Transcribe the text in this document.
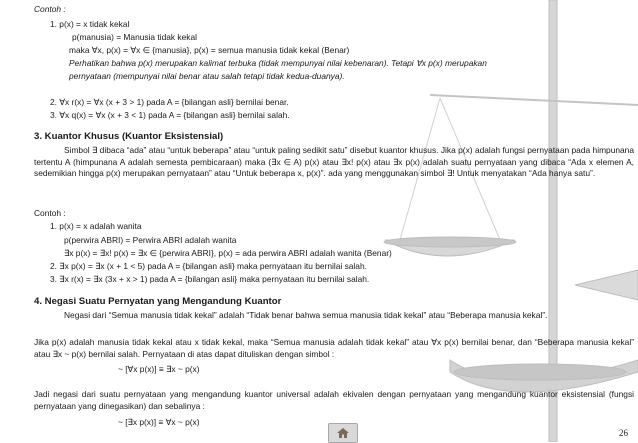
Contoh :
1. p(x) = x tidak kekal
p(manusia) = Manusia tidak kekal
maka ∀x, p(x) = ∀x ∈ {manusia}, p(x) = semua manusia tidak kekal (Benar)
Perhatikan bahwa p(x) merupakan kalimat terbuka (tidak mempunyai nilai kebenaran). Tetapi ∀x p(x) merupakan
pernyataan (mempunyai nilai benar atau salah tetapi tidak kedua-duanya).
2. ∀x r(x) = ∀x (x + 3 > 1) pada A = {bilangan asli} bernilai benar.
3. ∀x q(x) = ∀x (x + 3 < 1) pada A = {bilangan asli} bernilai salah.
3. Kuantor Khusus (Kuantor Eksistensial)
Simbol ∃ dibaca “ada” atau “untuk beberapa” atau “untuk paling sedikit satu” disebut kuantor khusus. Jika p(x) adalah fungsi pernyataan pada himpunana tertentu A (himpunana A adalah semesta pembicaraan) maka (∃x ∈ A) p(x) atau ∃x! p(x) atau ∃x p(x) adalah suatu pernyataan yang dibaca “Ada x elemen A, sedemikian hingga p(x) merupakan pernyataan” atau “Untuk beberapa x, p(x)”. ada yang menggunakan simbol ∃! Untuk menyatakan “Ada hanya satu”.
Contoh :
1. p(x) = x adalah wanita
p(perwira ABRI) = Perwira ABRI adalah wanita
∃x p(x) = ∃x! p(x) = ∃x ∈ {perwira ABRI}, p(x) = ada perwira ABRI adalah wanita (Benar)
2. ∃x p(x) = ∃x (x + 1 < 5) pada A = {bilangan asli} maka pernyataan itu bernilai salah.
3. ∃x r(x) = ∃x (3x + x > 1) pada A = {bilangan asli} maka pernyataan itu bernilai salah.
4. Negasi Suatu Pernyatan yang Mengandung Kuantor
Negasi dari “Semua manusia tidak kekal” adalah “Tidak benar bahwa semua manusia tidak kekal” atau “Beberapa manusia kekal”.
Jika p(x) adalah manusia tidak kekal atau x tidak kekal, maka “Semua manusia adalah tidak kekal” atau ∀x p(x) bernilai benar, dan “Beberapa manusia kekal” atau ∃x ~ p(x) bernilai salah. Pernyataan di atas dapat dituliskan dengan simbol :
~ [∀x p(x)] ≡ ∃x ~ p(x)
Jadi negasi dari suatu pernyataan yang mengandung kuantor universal adalah ekivalen dengan pernyataan yang mengandung kuantor eksistensial (fungsi pernyataan yang dinegasikan) dan sebalinya :
~ [∃x p(x)] ≡ ∀x ~ p(x)
26
